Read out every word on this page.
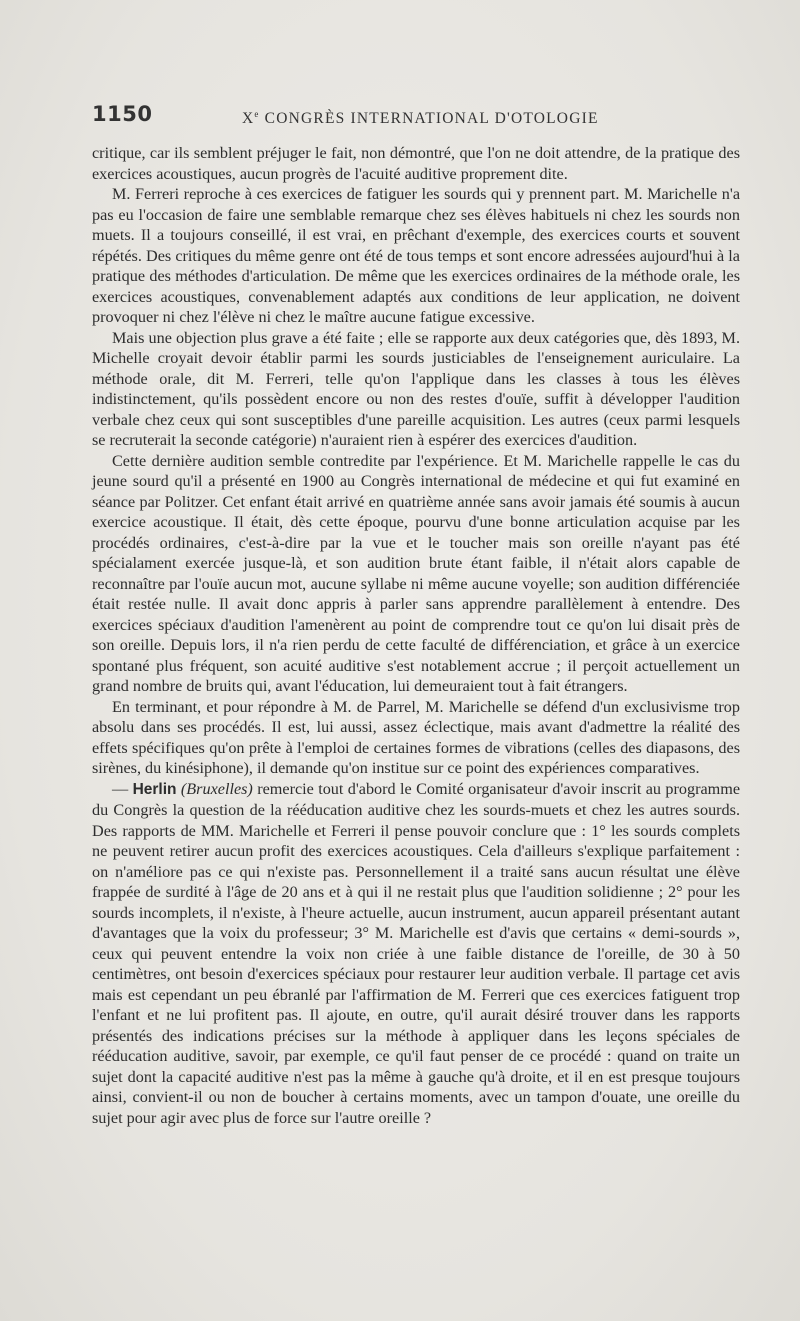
1150	Xe CONGRÈS INTERNATIONAL D'OTOLOGIE

critique, car ils semblent préjuger le fait, non démontré, que l'on ne doit attendre, de la pratique des exercices acoustiques, aucun progrès de l'acuité auditive proprement dite.

M. Ferreri reproche à ces exercices de fatiguer les sourds qui y prennent part. M. Marichelle n'a pas eu l'occasion de faire une semblable remarque chez ses élèves habituels ni chez les sourds non muets. Il a toujours conseillé, il est vrai, en prêchant d'exemple, des exercices courts et souvent répétés. Des critiques du même genre ont été de tous temps et sont encore adressées aujourd'hui à la pratique des méthodes d'articulation. De même que les exercices ordinaires de la méthode orale, les exercices acoustiques, convenablement adaptés aux conditions de leur application, ne doivent provoquer ni chez l'élève ni chez le maître aucune fatigue excessive.

Mais une objection plus grave a été faite ; elle se rapporte aux deux catégories que, dès 1893, M. Michelle croyait devoir établir parmi les sourds justiciables de l'enseignement auriculaire. La méthode orale, dit M. Ferreri, telle qu'on l'applique dans les classes à tous les élèves indistinctement, qu'ils possèdent encore ou non des restes d'ouïe, suffit à développer l'audition verbale chez ceux qui sont susceptibles d'une pareille acquisition. Les autres (ceux parmi lesquels se recruterait la seconde catégorie) n'auraient rien à espérer des exercices d'audition.

Cette dernière audition semble contredite par l'expérience. Et M. Marichelle rappelle le cas du jeune sourd qu'il a présenté en 1900 au Congrès international de médecine et qui fut examiné en séance par Politzer. Cet enfant était arrivé en quatrième année sans avoir jamais été soumis à aucun exercice acoustique. Il était, dès cette époque, pourvu d'une bonne articulation acquise par les procédés ordinaires, c'est-à-dire par la vue et le toucher mais son oreille n'ayant pas été spécialament exercée jusque-là, et son audition brute étant faible, il n'était alors capable de reconnaître par l'ouïe aucun mot, aucune syllabe ni même aucune voyelle; son audition différenciée était restée nulle. Il avait donc appris à parler sans apprendre parallèlement à entendre. Des exercices spéciaux d'audition l'amenèrent au point de comprendre tout ce qu'on lui disait près de son oreille. Depuis lors, il n'a rien perdu de cette faculté de différenciation, et grâce à un exercice spontané plus fréquent, son acuité auditive s'est notablement accrue ; il perçoit actuellement un grand nombre de bruits qui, avant l'éducation, lui demeuraient tout à fait étrangers.

En terminant, et pour répondre à M. de Parrel, M. Marichelle se défend d'un exclusivisme trop absolu dans ses procédés. Il est, lui aussi, assez éclectique, mais avant d'admettre la réalité des effets spécifiques qu'on prête à l'emploi de certaines formes de vibrations (celles des diapasons, des sirènes, du kinésiphone), il demande qu'on institue sur ce point des expériences comparatives.

— Herlin (Bruxelles) remercie tout d'abord le Comité organisateur d'avoir inscrit au programme du Congrès la question de la rééducation auditive chez les sourds-muets et chez les autres sourds. Des rapports de MM. Marichelle et Ferreri il pense pouvoir conclure que : 1° les sourds complets ne peuvent retirer aucun profit des exercices acoustiques. Cela d'ailleurs s'explique parfaitement : on n'améliore pas ce qui n'existe pas. Personnellement il a traité sans aucun résultat une élève frappée de surdité à l'âge de 20 ans et à qui il ne restait plus que l'audition solidienne ; 2° pour les sourds incomplets, il n'existe, à l'heure actuelle, aucun instrument, aucun appareil présentant autant d'avantages que la voix du professeur; 3° M. Marichelle est d'avis que certains « demi-sourds », ceux qui peuvent entendre la voix non criée à une faible distance de l'oreille, de 30 à 50 centimètres, ont besoin d'exercices spéciaux pour restaurer leur audition verbale. Il partage cet avis mais est cependant un peu ébranlé par l'affirmation de M. Ferreri que ces exercices fatiguent trop l'enfant et ne lui profitent pas. Il ajoute, en outre, qu'il aurait désiré trouver dans les rapports présentés des indications précises sur la méthode à appliquer dans les leçons spéciales de rééducation auditive, savoir, par exemple, ce qu'il faut penser de ce procédé : quand on traite un sujet dont la capacité auditive n'est pas la même à gauche qu'à droite, et il en est presque toujours ainsi, convient-il ou non de boucher à certains moments, avec un tampon d'ouate, une oreille du sujet pour agir avec plus de force sur l'autre oreille ?
